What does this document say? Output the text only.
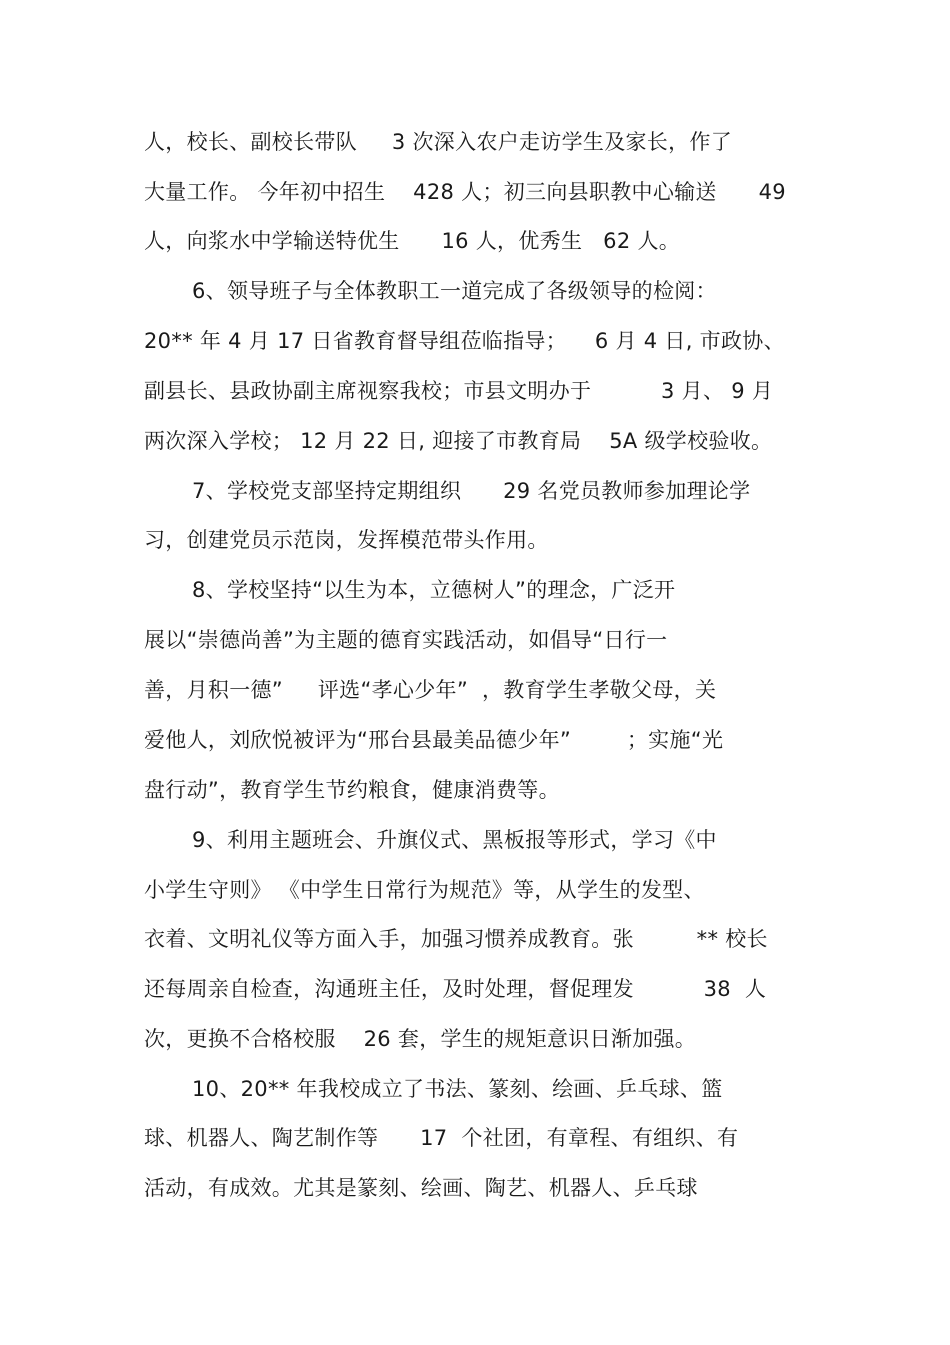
人，校长、副校长带队     3 次深入农户走访学生及家长，作了
大量工作。 今年初中招生    428 人；初三向县职教中心输送      49
人，向浆水中学输送特优生      16 人，优秀生   62 人。
6、领导班子与全体教职工一道完成了各级领导的检阅：
20** 年 4 月 17 日省教育督导组莅临指导；    6 月 4 日, 市政协、
副县长、县政协副主席视察我校；市县文明办于          3 月、 9 月
两次深入学校； 12 月 22 日, 迎接了市教育局    5A 级学校验收。
7、学校党支部坚持定期组织      29 名党员教师参加理论学
习，创建党员示范岗，发挥模范带头作用。
8、学校坚持“以生为本，立德树人”的理念，广泛开
展以“崇德尚善”为主题的德育实践活动，如倡导“日行一
善，月积一德”     评选“孝心少年”  ，教育学生孝敬父母，关
爱他人，刘欣悦被评为“邢台县最美品德少年”        ；实施“光
盘行动”，教育学生节约粮食，健康消费等。
9、利用主题班会、升旗仪式、黑板报等形式，学习《中
小学生守则》 《中学生日常行为规范》等，从学生的发型、
衣着、文明礼仪等方面入手，加强习惯养成教育。张         ** 校长
还每周亲自检查，沟通班主任，及时处理，督促理发          38  人
次，更换不合格校服    26 套，学生的规矩意识日渐加强。
10、20** 年我校成立了书法、篆刻、绘画、乒乓球、篮
球、机器人、陶艺制作等      17  个社团，有章程、有组织、有
活动，有成效。尤其是篆刻、绘画、陶艺、机器人、乒乓球
